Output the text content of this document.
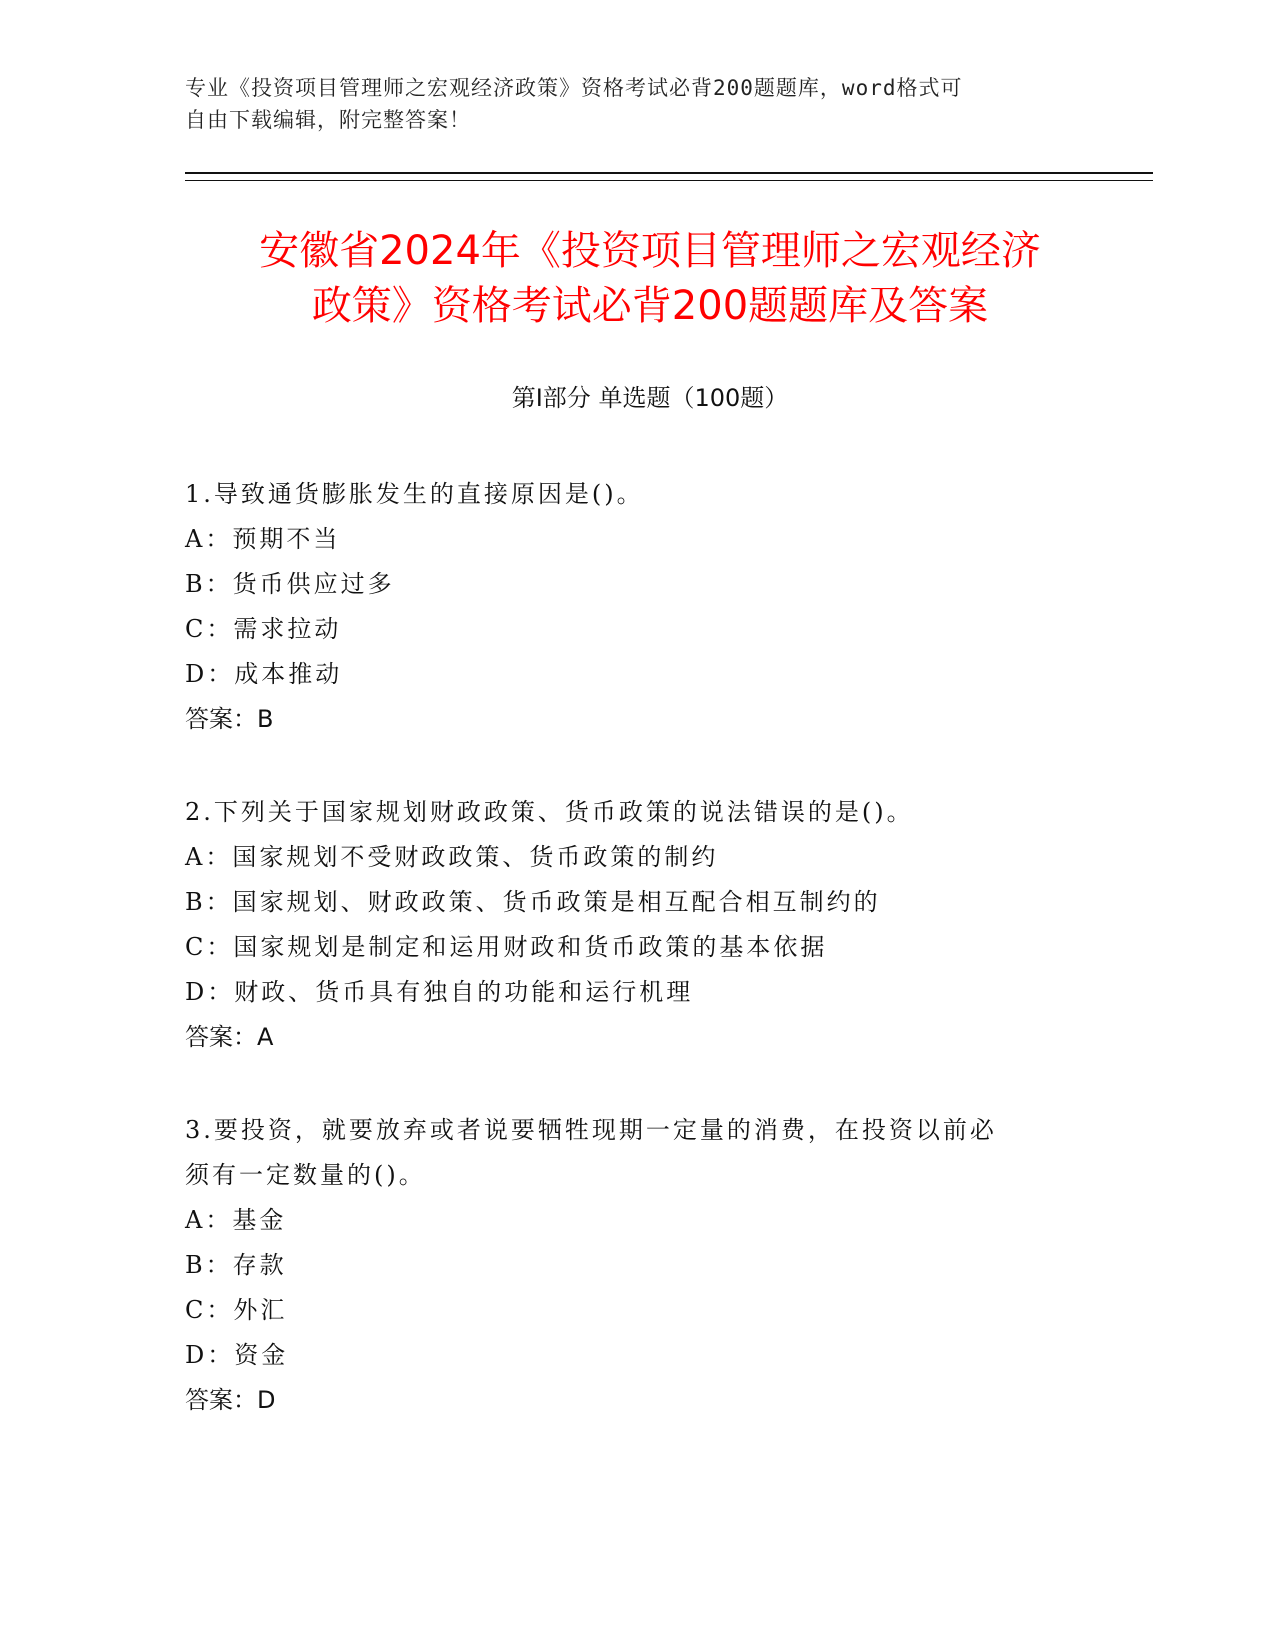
专业《投资项目管理师之宏观经济政策》资格考试必背200题题库，word格式可
自由下载编辑，附完整答案！
安徽省2024年《投资项目管理师之宏观经济
政策》资格考试必背200题题库及答案
第I部分 单选题（100题）
1.导致通货膨胀发生的直接原因是()。
A：预期不当
B：货币供应过多
C：需求拉动
D：成本推动
答案：B
2.下列关于国家规划财政政策、货币政策的说法错误的是()。
A：国家规划不受财政政策、货币政策的制约
B：国家规划、财政政策、货币政策是相互配合相互制约的
C：国家规划是制定和运用财政和货币政策的基本依据
D：财政、货币具有独自的功能和运行机理
答案：A
3.要投资，就要放弃或者说要牺牲现期一定量的消费，在投资以前必
须有一定数量的()。
A：基金
B：存款
C：外汇
D：资金
答案：D
